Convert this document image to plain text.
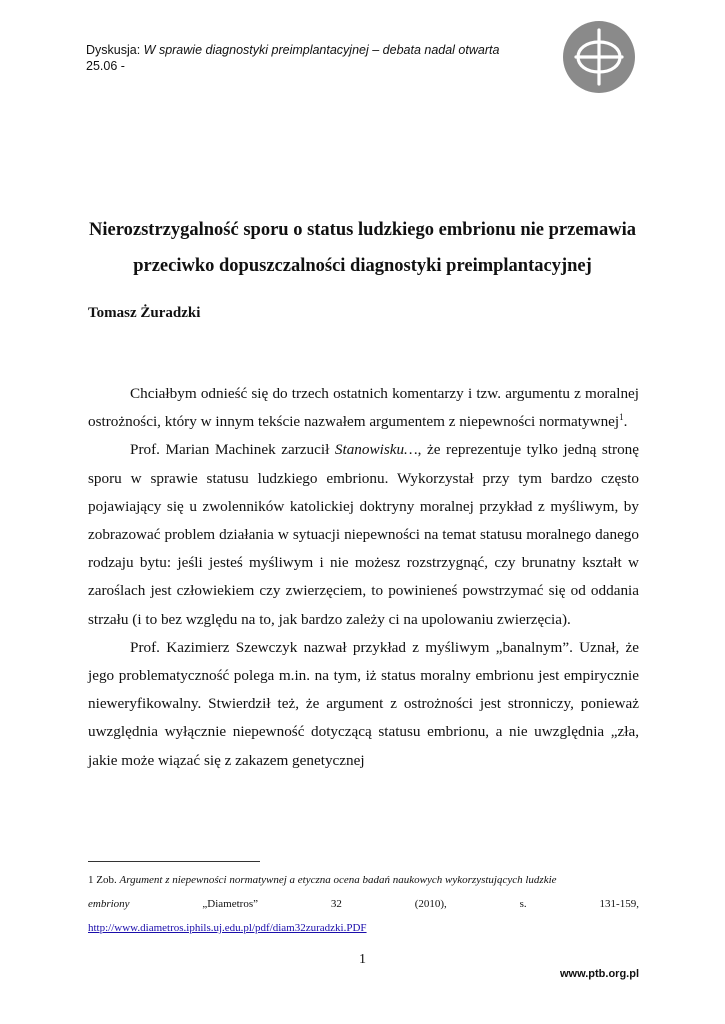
Dyskusja: W sprawie diagnostyki preimplantacyjnej – debata nadal otwarta
25.06 -
Nierozstrzygalność sporu o status ludzkiego embrionu nie przemawia
przeciwko dopuszczalności diagnostyki preimplantacyjnej
Tomasz Żuradzki

Chciałbym odnieść się do trzech ostatnich komentarzy i tzw. argumentu z moralnej ostrożności, który w innym tekście nazwałem argumentem z niepewności normatywnej$^1$.

Prof. Marian Machinek zarzucił Stanowisku…, że reprezentuje tylko jedną stronę sporu w sprawie statusu ludzkiego embrionu. Wykorzystał przy tym bardzo często pojawiający się u zwolenników katolickiej doktryny moralnej przykład z myśliwym, by zobrazować problem działania w sytuacji niepewności na temat statusu moralnego danego rodzaju bytu: jeśli jesteś myśliwym i nie możesz rozstrzygnąć, czy brunatny kształt w zaroślach jest człowiekiem czy zwierzęciem, to powinieneś powstrzymać się od oddania strzału (i to bez względu na to, jak bardzo zależy ci na upolowaniu zwierzęcia).

Prof. Kazimierz Szewczyk nazwał przykład z myśliwym „banalnym”. Uznał, że jego problematyczność polega m.in. na tym, iż status moralny embrionu jest empirycznie nieweryfikowalny. Stwierdził też, że argument z ostrożności jest stronniczy, ponieważ uwzględnia wyłącznie niepewność dotyczącą statusu embrionu, a nie uwzględnia „zła, jakie może wiązać się z zakazem genetycznej

1 Zob. Argument z niepewności normatywnej a etyczna ocena badań naukowych wykorzystujących ludzkie
embriony	„Diametros”	32	(2010),	s.	131-159,
http://www.diametros.iphils.uj.edu.pl/pdf/diam32zuradzki.PDF
1
www.ptb.org.pl
